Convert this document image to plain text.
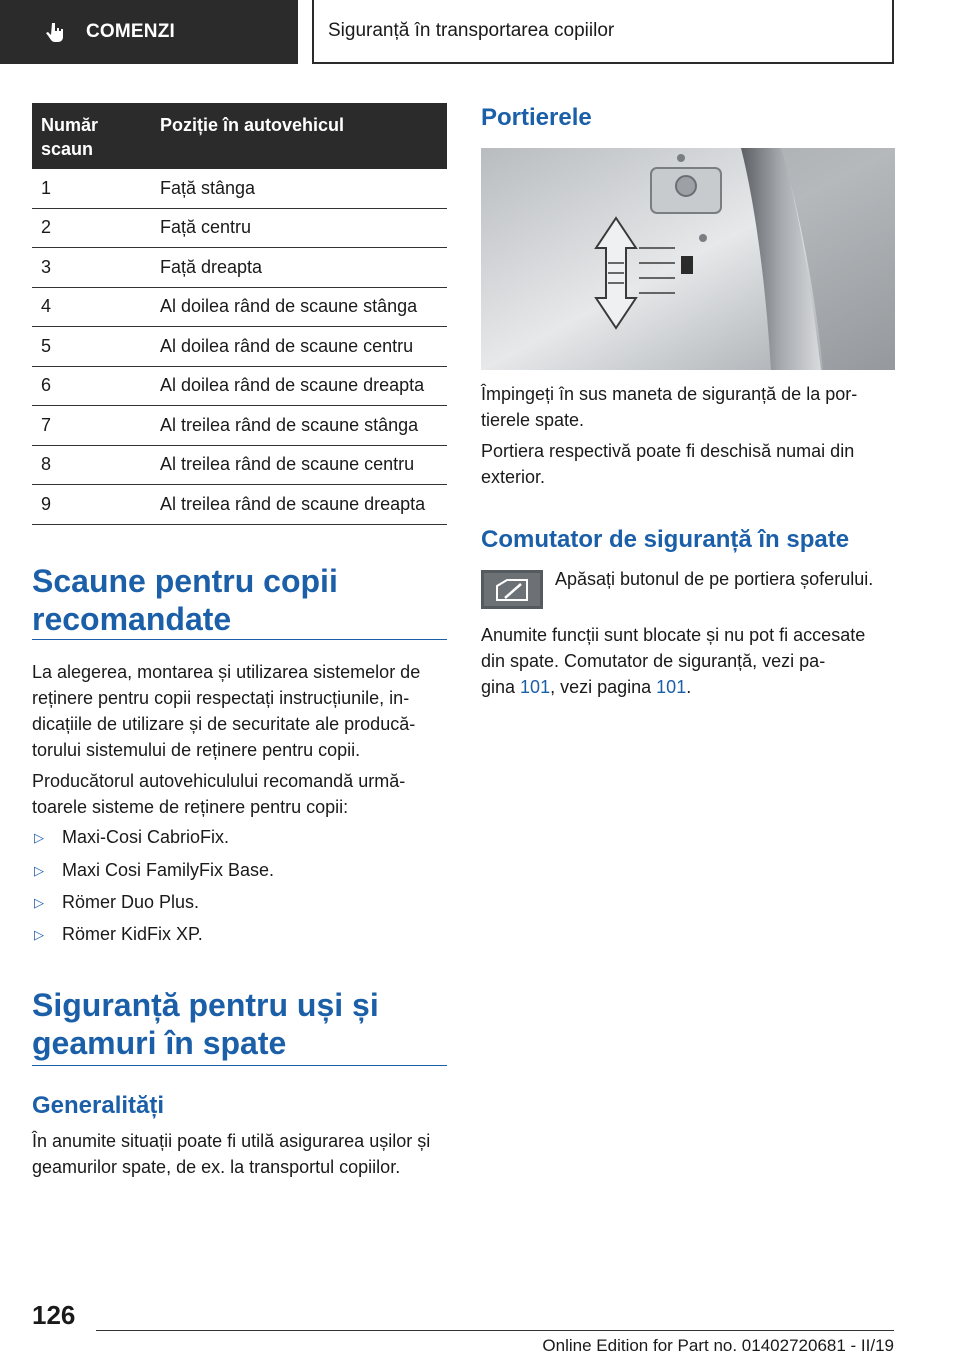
COMENZI	Siguranță în transportarea copiilor
Număr scaun	Poziție în autovehicul
1	Față stânga
2	Față centru
3	Față dreapta
4	Al doilea rând de scaune stânga
5	Al doilea rând de scaune centru
6	Al doilea rând de scaune dreapta
7	Al treilea rând de scaune stânga
8	Al treilea rând de scaune centru
9	Al treilea rând de scaune dreapta
Scaune pentru copii
recomandate
La alegerea, montarea și utilizarea sistemelor de
reținere pentru copii respectați instrucțiunile, in-
dicațiile de utilizare și de securitate ale producă-
torului sistemului de reținere pentru copii.
Producătorul autovehiculului recomandă urmă-
toarele sisteme de reținere pentru copii:
▷	Maxi-Cosi CabrioFix.
▷	Maxi Cosi FamilyFix Base.
▷	Römer Duo Plus.
▷	Römer KidFix XP.
Siguranță pentru uși și
geamuri în spate
Generalități
În anumite situații poate fi utilă asigurarea ușilor și
geamurilor spate, de ex. la transportul copiilor.
Portierele
Împingeți în sus maneta de siguranță de la por-
tierele spate.
Portiera respectivă poate fi deschisă numai din
exterior.
Comutator de siguranță în spate
Apăsați butonul de pe portiera șoferului.
Anumite funcții sunt blocate și nu pot fi accesate
din spate. Comutator de siguranță, vezi pa-
gina 101, vezi pagina 101.
126
Online Edition for Part no. 01402720681 - II/19
